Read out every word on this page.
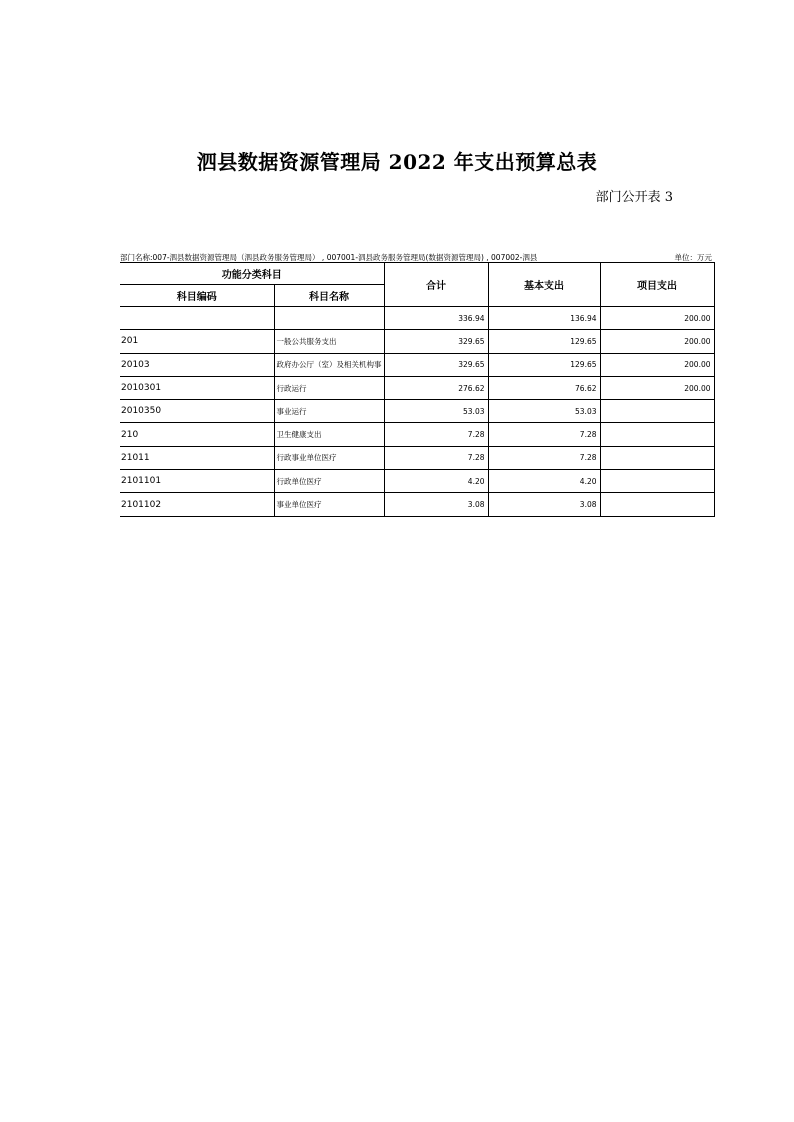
泗县数据资源管理局 2022 年支出预算总表
部门公开表 3
部门名称:007-泗县数据资源管理局（泗县政务服务管理局） , 007001-泗县政务服务管理局(数据资源管理局) , 007002-泗县	单位：万元
功能分类科目		合计	基本支出	项目支出
科目编码	科目名称			
		336.94	136.94	200.00
201	一般公共服务支出	329.65	129.65	200.00
20103	政府办公厅（室）及相关机构事	329.65	129.65	200.00
2010301	行政运行	276.62	76.62	200.00
2010350	事业运行	53.03	53.03	
210	卫生健康支出	7.28	7.28	
21011	行政事业单位医疗	7.28	7.28	
2101101	行政单位医疗	4.20	4.20	
2101102	事业单位医疗	3.08	3.08	
